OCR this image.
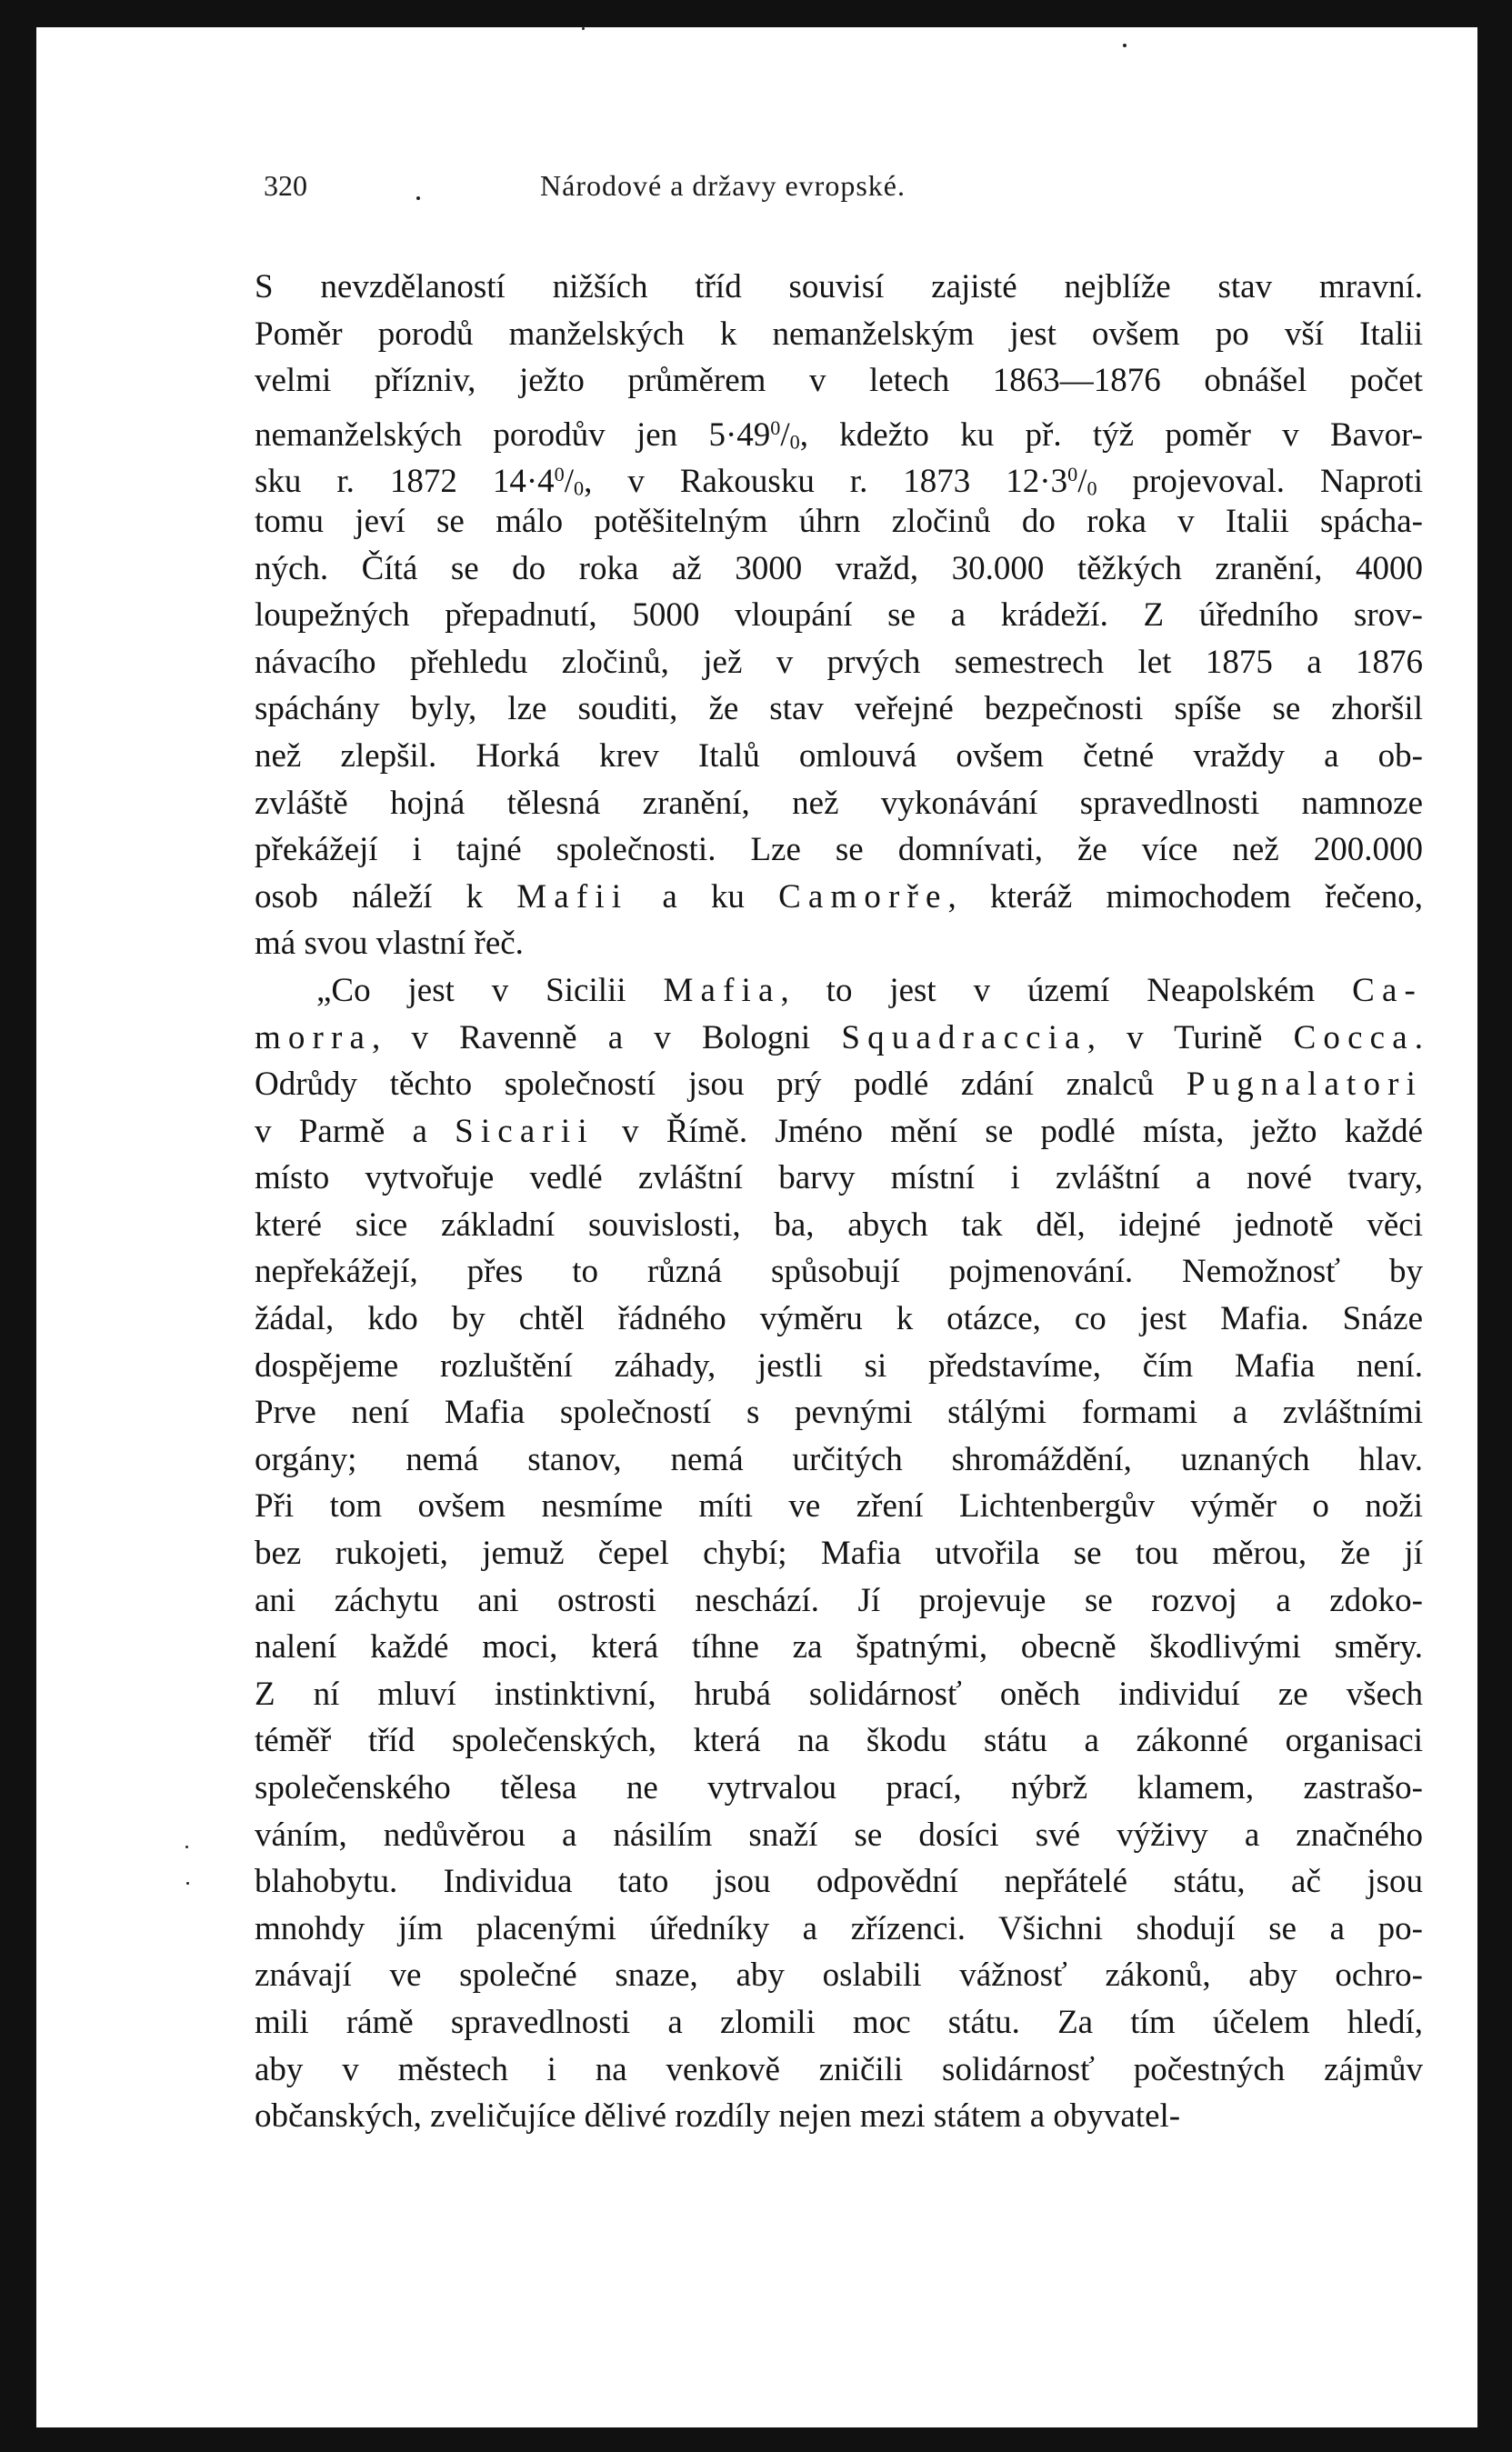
320	Národové a državy evropské.
S nevzdělaností nižších tříd souvisí zajisté nejblíže stav mravní.
Poměr porodů manželských k nemanželským jest ovšem po vší Italii
velmi přízniv, ježto průměrem v letech 1863—1876 obnášel počet
nemanželských porodův jen $5\cdot 49^0/0$, kdežto ku př. týž poměr v Bavor-
sku r. 1872 $14\cdot 4^0/0$, v Rakousku r. 1873 $12\cdot 3^0/0$ projevoval. Naproti
tomu jeví se málo potěšitelným úhrn zločinů do roka v Italii spácha-
ných. Čítá se do roka až 3000 vražd, 30.000 těžkých zranění, 4000
loupežných přepadnutí, 5000 vloupání se a krádeží. Z úředního srov-
návacího přehledu zločinů, jež v prvých semestrech let 1875 a 1876
spáchány byly, lze souditi, že stav veřejné bezpečnosti spíše se zhoršil
než zlepšil. Horká krev Italů omlouvá ovšem četné vraždy a ob-
zvláště hojná tělesná zranění, než vykonávání spravedlnosti namnoze
překážejí i tajné společnosti. Lze se domnívati, že více než 200.000
osob náleží k Mafii a ku Camorře, kteráž mimochodem řečeno,
má svou vlastní řeč.
„Co jest v Sicilii Mafia, to jest v území Neapolském Ca-
morra, v Ravenně a v Bologni Squadraccia, v Turině Cocca.
Odrůdy těchto společností jsou prý podlé zdání znalců Pugnalatori
v Parmě a Sicarii v Římě. Jméno mění se podlé místa, ježto každé
místo vytvořuje vedlé zvláštní barvy místní i zvláštní a nové tvary,
které sice základní souvislosti, ba, abych tak děl, idejné jednotě věci
nepřekážejí, přes to různá spůsobují pojmenování. Nemožnosť by
žádal, kdo by chtěl řádného výměru k otázce, co jest Mafia. Snáze
dospějeme rozluštění záhady, jestli si představíme, čím Mafia není.
Prve není Mafia společností s pevnými stálými formami a zvláštními
orgány; nemá stanov, nemá určitých shromáždění, uznaných hlav.
Při tom ovšem nesmíme míti ve zření Lichtenbergův výměr o noži
bez rukojeti, jemuž čepel chybí; Mafia utvořila se tou měrou, že jí
ani záchytu ani ostrosti neschází. Jí projevuje se rozvoj a zdoko-
nalení každé moci, která tíhne za špatnými, obecně škodlivými směry.
Z ní mluví instinktivní, hrubá solidárnosť oněch individuí ze všech
téměř tříd společenských, která na škodu státu a zákonné organisaci
společenského tělesa ne vytrvalou prací, nýbrž klamem, zastrašo-
váním, nedůvěrou a násilím snaží se dosíci své výživy a značného
blahobytu. Individua tato jsou odpovědní nepřátelé státu, ač jsou
mnohdy jím placenými úředníky a zřízenci. Všichni shodují se a po-
znávají ve společné snaze, aby oslabili vážnosť zákonů, aby ochro-
mili rámě spravedlnosti a zlomili moc státu. Za tím účelem hledí,
aby v městech i na venkově zničili solidárnosť počestných zájmův
občanských, zveličujíce dělivé rozdíly nejen mezi státem a obyvatel-
